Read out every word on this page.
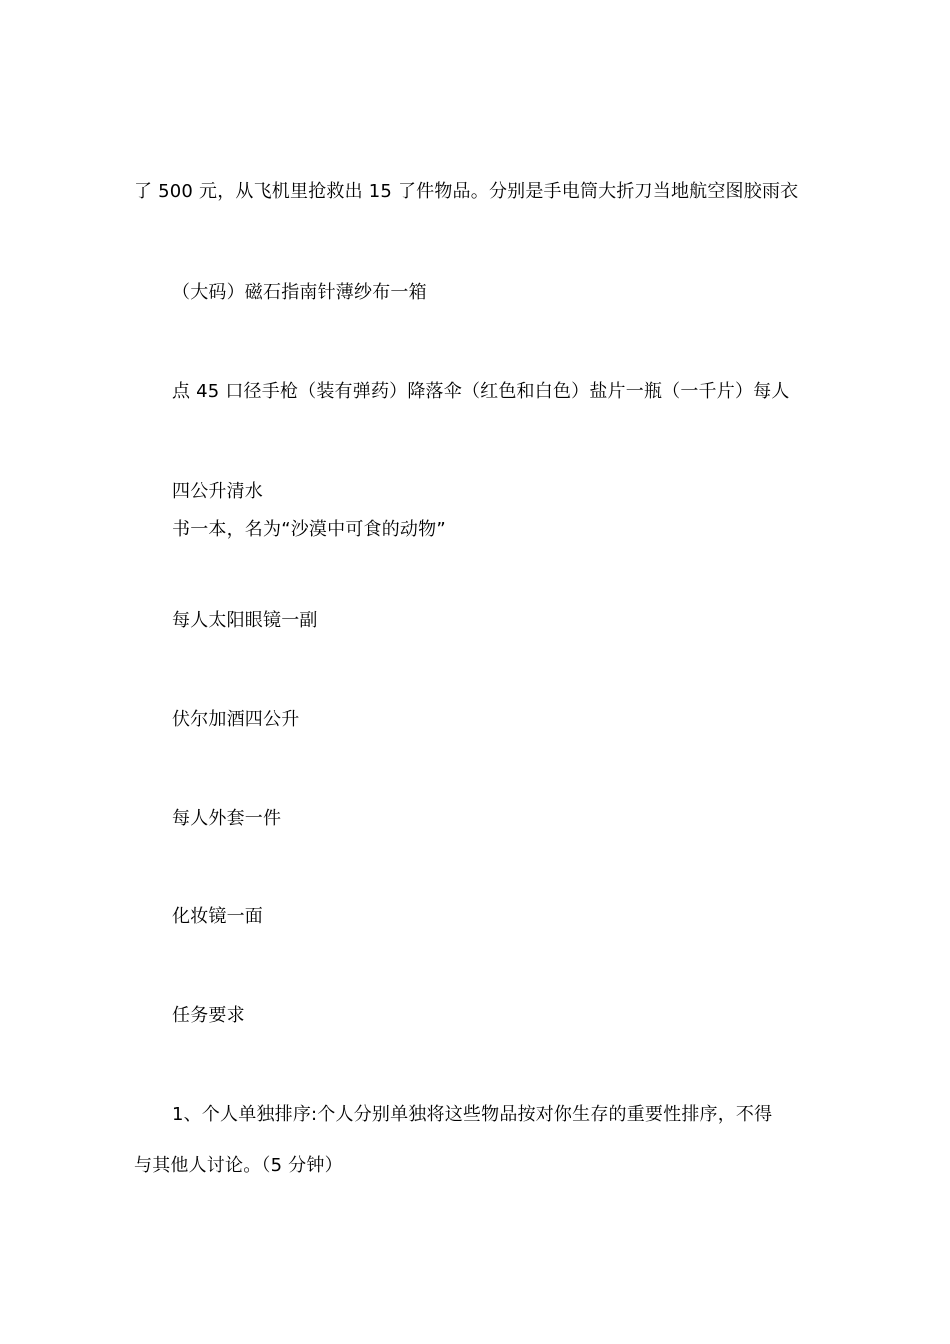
了 500 元，从飞机里抢救出 15 了件物品。分别是手电筒大折刀当地航空图胶雨衣
（大码）磁石指南针薄纱布一箱
点 45 口径手枪（装有弹药）降落伞（红色和白色）盐片一瓶（一千片）每人
四公升清水
书一本，名为“沙漠中可食的动物”
每人太阳眼镜一副
伏尔加酒四公升
每人外套一件
化妆镜一面
任务要求
1、个人单独排序:个人分别单独将这些物品按对你生存的重要性排序，不得
与其他人讨论。（5 分钟）
